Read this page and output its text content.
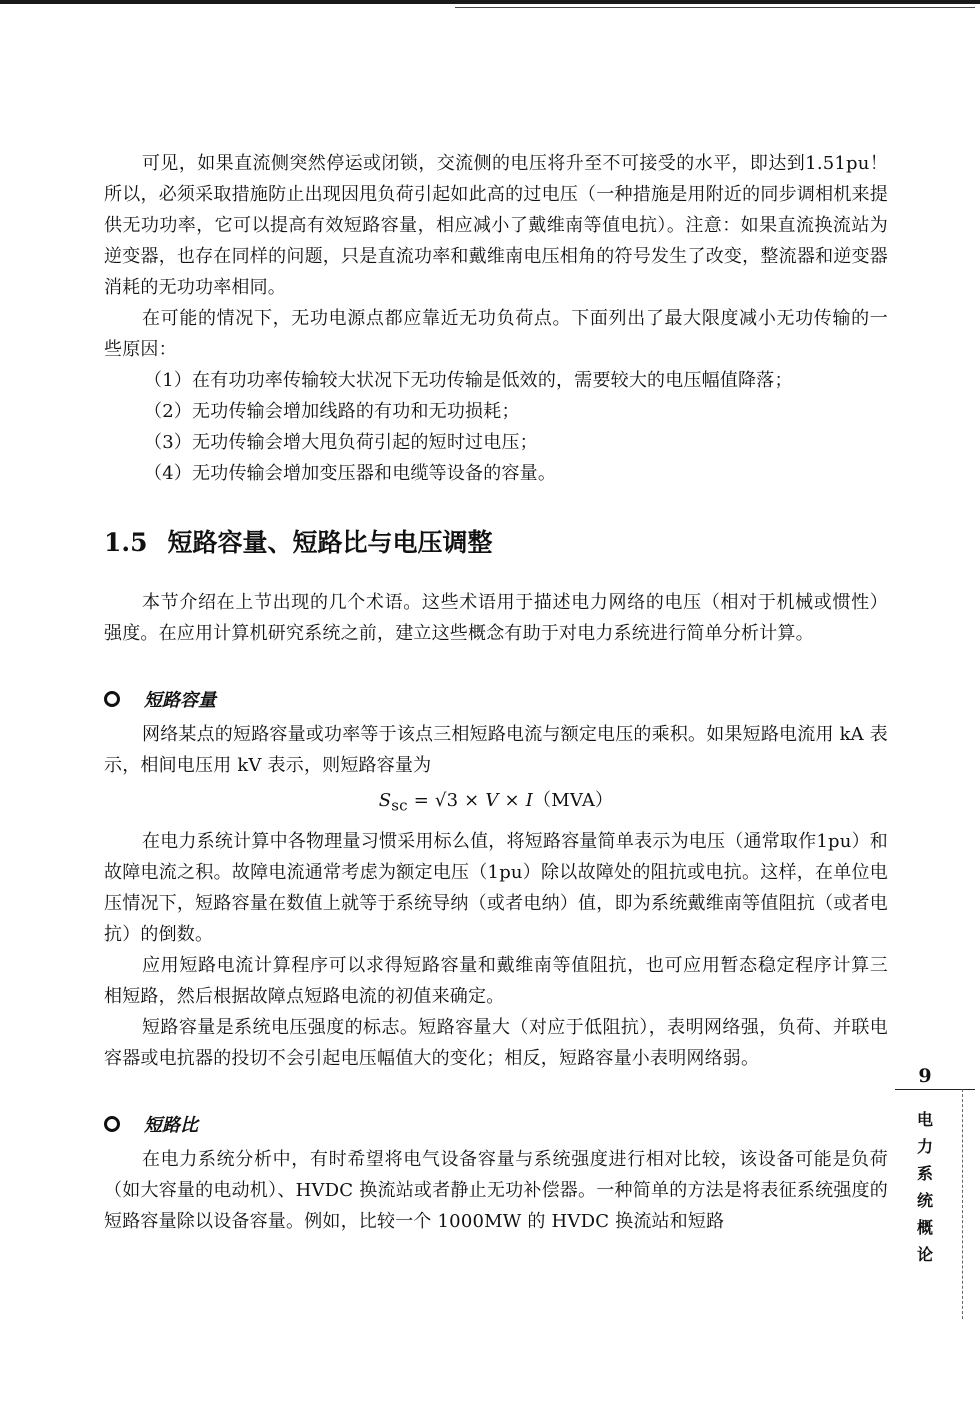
可见，如果直流侧突然停运或闭锁，交流侧的电压将升至不可接受的水平，即达到1.51pu！所以，必须采取措施防止出现因甩负荷引起如此高的过电压（一种措施是用附近的同步调相机来提供无功功率，它可以提高有效短路容量，相应减小了戴维南等值电抗）。注意：如果直流换流站为逆变器，也存在同样的问题，只是直流功率和戴维南电压相角的符号发生了改变，整流器和逆变器消耗的无功功率相同。

在可能的情况下，无功电源点都应靠近无功负荷点。下面列出了最大限度减小无功传输的一些原因：

（1）在有功功率传输较大状况下无功传输是低效的，需要较大的电压幅值降落；

（2）无功传输会增加线路的有功和无功损耗；

（3）无功传输会增大甩负荷引起的短时过电压；

（4）无功传输会增加变压器和电缆等设备的容量。

1.5 短路容量、短路比与电压调整

本节介绍在上节出现的几个术语。这些术语用于描述电力网络的电压（相对于机械或惯性）强度。在应用计算机研究系统之前，建立这些概念有助于对电力系统进行简单分析计算。

短路容量

网络某点的短路容量或功率等于该点三相短路电流与额定电压的乘积。如果短路电流用 kA 表示，相间电压用 kV 表示，则短路容量为

$S_{sc} = √3 \times V \times I(MVA)$

在电力系统计算中各物理量习惯采用标么值，将短路容量简单表示为电压（通常取作1pu）和故障电流之积。故障电流通常考虑为额定电压（1pu）除以故障处的阻抗或电抗。这样，在单位电压情况下，短路容量在数值上就等于系统导纳（或者电纳）值，即为系统戴维南等值阻抗（或者电抗）的倒数。

应用短路电流计算程序可以求得短路容量和戴维南等值阻抗，也可应用暂态稳定程序计算三相短路，然后根据故障点短路电流的初值来确定。

短路容量是系统电压强度的标志。短路容量大（对应于低阻抗），表明网络强，负荷、并联电容器或电抗器的投切不会引起电压幅值大的变化；相反，短路容量小表明网络弱。

短路比

在电力系统分析中，有时希望将电气设备容量与系统强度进行相对比较，该设备可能是负荷（如大容量的电动机）、HVDC 换流站或者静止无功补偿器。一种简单的方法是将表征系统强度的短路容量除以设备容量。例如，比较一个 1000MW 的 HVDC 换流站和短路

9
电力系统概论
